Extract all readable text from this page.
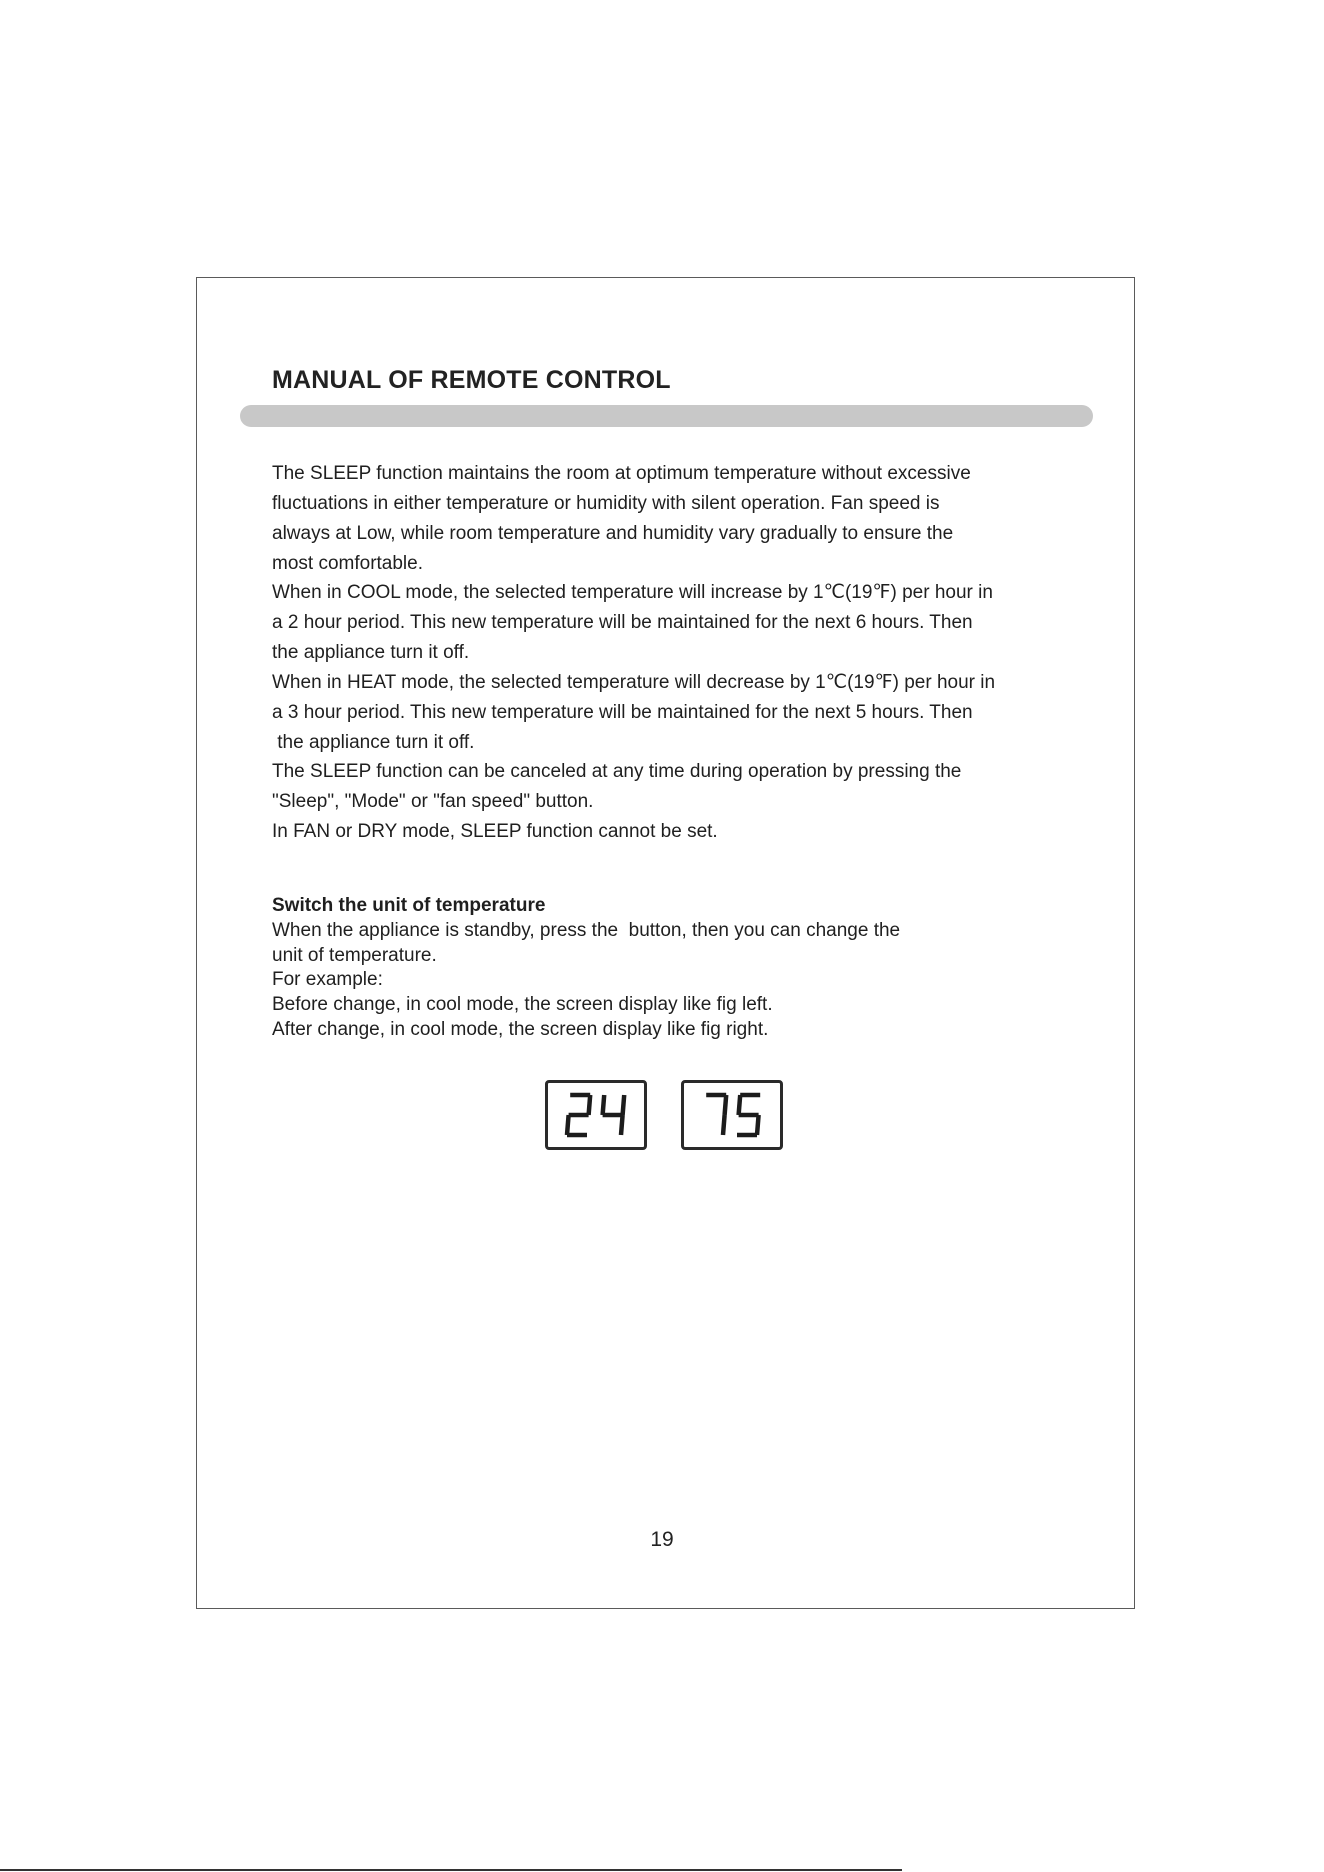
MANUAL OF REMOTE CONTROL

The SLEEP function maintains the room at optimum temperature without excessive

fluctuations in either temperature or humidity with silent operation. Fan speed is

always at Low, while room temperature and humidity vary gradually to ensure the

most comfortable.

When in COOL mode, the selected temperature will increase by 1℃(19℉) per hour in

a 2 hour period. This new temperature will be maintained for the next 6 hours. Then

the appliance turn it off.

When in HEAT mode, the selected temperature will decrease by 1℃(19℉) per hour in

a 3 hour period. This new temperature will be maintained for the next 5 hours. Then

the appliance turn it off.

The SLEEP function can be canceled at any time during operation by pressing the

"Sleep", "Mode" or "fan speed" button.

In FAN or DRY mode, SLEEP function cannot be set.

Switch the unit of temperature

When the appliance is standby, press the  button, then you can change the

unit of temperature.

For example:

Before change, in cool mode, the screen display like fig left.

After change, in cool mode, the screen display like fig right.

19
